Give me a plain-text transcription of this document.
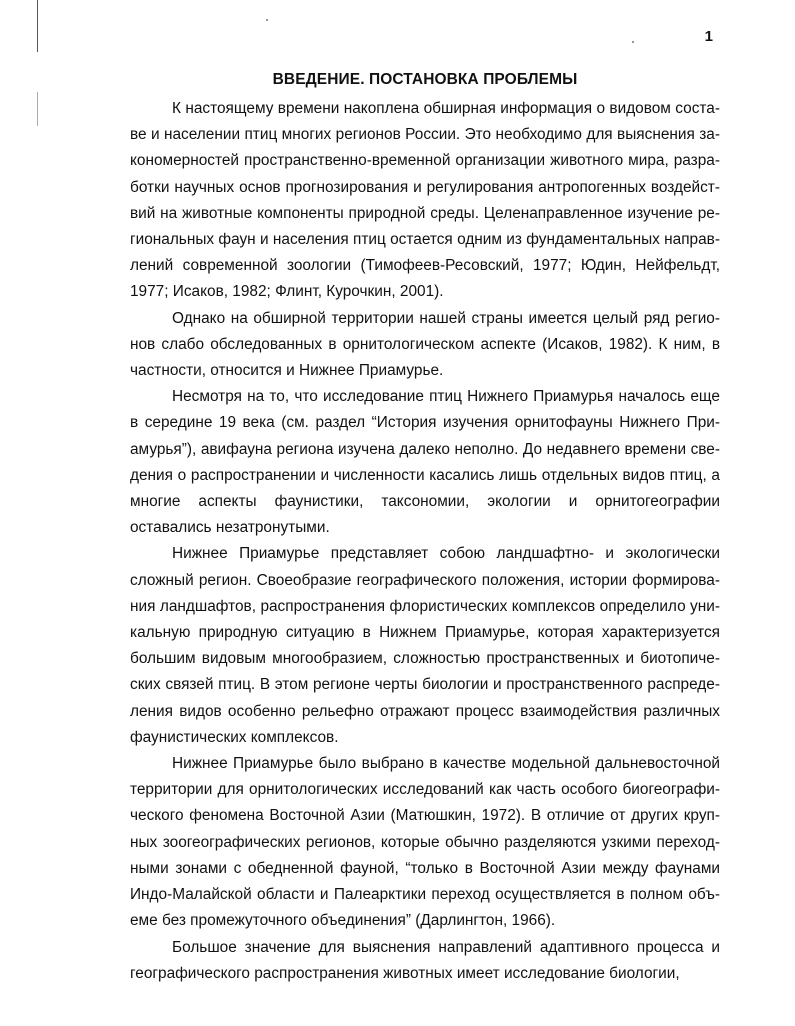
1
ВВЕДЕНИЕ. ПОСТАНОВКА ПРОБЛЕМЫ

К настоящему времени накоплена обширная информация о видовом составе и населении птиц многих регионов России. Это необходимо для выяснения закономерностей пространственно-временной организации животного мира, разработки научных основ прогнозирования и регулирования антропогенных воздействий на животные компоненты природной среды. Целенаправленное изучение региональных фаун и населения птиц остается одним из фундаментальных направлений современной зоологии (Тимофеев-Ресовский, 1977; Юдин, Нейфельдт, 1977; Исаков, 1982; Флинт, Курочкин, 2001).

Однако на обширной территории нашей страны имеется целый ряд регионов слабо обследованных в орнитологическом аспекте (Исаков, 1982). К ним, в частности, относится и Нижнее Приамурье.

Несмотря на то, что исследование птиц Нижнего Приамурья началось еще в середине 19 века (см. раздел “История изучения орнитофауны Нижнего Приамурья”), авифауна региона изучена далеко неполно. До недавнего времени сведения о распространении и численности касались лишь отдельных видов птиц, а многие аспекты фаунистики, таксономии, экологии и орнитогеографии оставались незатронутыми.

Нижнее Приамурье представляет собою ландшафтно- и экологически сложный регион. Своеобразие географического положения, истории формирования ландшафтов, распространения флористических комплексов определило уникальную природную ситуацию в Нижнем Приамурье, которая характеризуется большим видовым многообразием, сложностью пространственных и биотопических связей птиц. В этом регионе черты биологии и пространственного распределения видов особенно рельефно отражают процесс взаимодействия различных фаунистических комплексов.

Нижнее Приамурье было выбрано в качестве модельной дальневосточной территории для орнитологических исследований как часть особого биогеографического феномена Восточной Азии (Матюшкин, 1972). В отличие от других крупных зоогеографических регионов, которые обычно разделяются узкими переходными зонами с обедненной фауной, “только в Восточной Азии между фаунами Индо-Малайской области и Палеарктики переход осуществляется в полном объеме без промежуточного объединения” (Дарлингтон, 1966).

Большое значение для выяснения направлений адаптивного процесса и географического распространения животных имеет исследование биологии,
